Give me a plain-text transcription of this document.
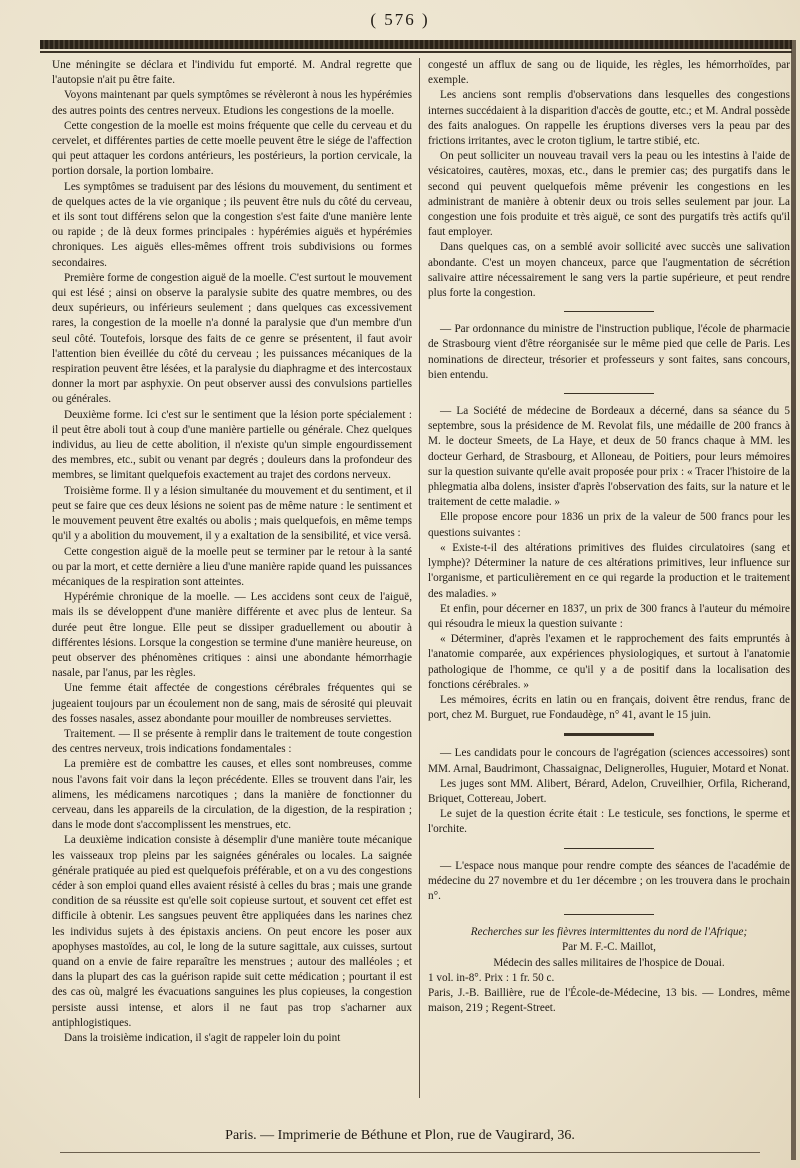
( 576 )

Une méningite se déclara et l'individu fut emporté. M. Andral regrette que l'autopsie n'ait pu être faite.

Voyons maintenant par quels symptômes se révèleront à nous les hypérémies des autres points des centres nerveux. Etudions les congestions de la moelle.

Cette congestion de la moelle est moins fréquente que celle du cerveau et du cervelet, et différentes parties de cette moelle peuvent être le siége de l'affection qui peut attaquer les cordons antérieurs, les postérieurs, la portion cervicale, la portion dorsale, la portion lombaire.

Les symptômes se traduisent par des lésions du mouvement, du sentiment et de quelques actes de la vie organique ; ils peuvent être nuls du côté du cerveau, et ils sont tout différens selon que la congestion s'est faite d'une manière lente ou rapide ; de là deux formes principales : hypérémies aiguës et hypérémies chroniques. Les aiguës elles-mêmes offrent trois subdivisions ou formes secondaires.

Première forme de congestion aiguë de la moelle. C'est surtout le mouvement qui est lésé ; ainsi on observe la paralysie subite des quatre membres, ou des deux supérieurs, ou inférieurs seulement ; dans quelques cas excessivement rares, la congestion de la moelle n'a donné la paralysie que d'un membre d'un seul côté. Toutefois, lorsque des faits de ce genre se présentent, il faut avoir l'attention bien éveillée du côté du cerveau ; les puissances mécaniques de la respiration peuvent être lésées, et la paralysie du diaphragme et des intercostaux donner la mort par asphyxie. On peut observer aussi des convulsions partielles ou générales.

Deuxième forme. Ici c'est sur le sentiment que la lésion porte spécialement : il peut être aboli tout à coup d'une manière partielle ou générale. Chez quelques individus, au lieu de cette abolition, il n'existe qu'un simple engourdissement des membres, etc., subit ou venant par degrés ; douleurs dans la profondeur des membres, se limitant quelquefois exactement au trajet des cordons nerveux.

Troisième forme. Il y a lésion simultanée du mouvement et du sentiment, et il peut se faire que ces deux lésions ne soient pas de même nature : le sentiment et le mouvement peuvent être exaltés ou abolis ; mais quelquefois, en même temps qu'il y a abolition du mouvement, il y a exaltation de la sensibilité, et vice versâ.

Cette congestion aiguë de la moelle peut se terminer par le retour à la santé ou par la mort, et cette dernière a lieu d'une manière rapide quand les puissances mécaniques de la respiration sont atteintes.

Hypérémie chronique de la moelle. — Les accidens sont ceux de l'aiguë, mais ils se développent d'une manière différente et avec plus de lenteur. Sa durée peut être longue. Elle peut se dissiper graduellement ou aboutir à différentes lésions. Lorsque la congestion se termine d'une manière heureuse, on peut observer des phénomènes critiques : ainsi une abondante hémorrhagie nasale, par l'anus, par les règles.

Une femme était affectée de congestions cérébrales fréquentes qui se jugeaient toujours par un écoulement non de sang, mais de sérosité qui pleuvait des fosses nasales, assez abondante pour mouiller de nombreuses serviettes.

Traitement. — Il se présente à remplir dans le traitement de toute congestion des centres nerveux, trois indications fondamentales :

La première est de combattre les causes, et elles sont nombreuses, comme nous l'avons fait voir dans la leçon précédente. Elles se trouvent dans l'air, les alimens, les médicamens narcotiques ; dans la manière de fonctionner du cerveau, dans les appareils de la circulation, de la digestion, de la respiration ; dans le mode dont s'accomplissent les menstrues, etc.

La deuxième indication consiste à désemplir d'une manière toute mécanique les vaisseaux trop pleins par les saignées générales ou locales. La saignée générale pratiquée au pied est quelquefois préférable, et on a vu des congestions céder à son emploi quand elles avaient résisté à celles du bras ; mais une grande condition de sa réussite est qu'elle soit copieuse surtout, et souvent cet effet est difficile à obtenir. Les sangsues peuvent être appliquées dans les narines chez les individus sujets à des épistaxis anciens. On peut encore les poser aux apophyses mastoïdes, au col, le long de la suture sagittale, aux cuisses, surtout quand on a envie de faire reparaître les menstrues ; autour des malléoles ; et dans la plupart des cas la guérison rapide suit cette médication ; pourtant il est des cas où, malgré les évacuations sanguines les plus copieuses, la congestion persiste aussi intense, et alors il ne faut pas trop s'acharner aux antiphlogistiques.

Dans la troisième indication, il s'agit de rappeler loin du point

congesté un afflux de sang ou de liquide, les règles, les hémorrhoïdes, par exemple.

Les anciens sont remplis d'observations dans lesquelles des congestions internes succédaient à la disparition d'accès de goutte, etc.; et M. Andral possède des faits analogues. On rappelle les éruptions diverses vers la peau par des frictions irritantes, avec le croton tiglium, le tartre stibié, etc.

On peut solliciter un nouveau travail vers la peau ou les intestins à l'aide de vésicatoires, cautères, moxas, etc., dans le premier cas; des purgatifs dans le second qui peuvent quelquefois même prévenir les congestions en les administrant de manière à obtenir deux ou trois selles seulement par jour. La congestion une fois produite et très aiguë, ce sont des purgatifs très actifs qu'il faut employer.

Dans quelques cas, on a semblé avoir sollicité avec succès une salivation abondante. C'est un moyen chanceux, parce que l'augmentation de sécrétion salivaire attire nécessairement le sang vers la partie supérieure, et peut rendre plus forte la congestion.

— Par ordonnance du ministre de l'instruction publique, l'école de pharmacie de Strasbourg vient d'être réorganisée sur le même pied que celle de Paris. Les nominations de directeur, trésorier et professeurs y sont faites, sans concours, bien entendu.

— La Société de médecine de Bordeaux a décerné, dans sa séance du 5 septembre, sous la présidence de M. Revolat fils, une médaille de 200 francs à M. le docteur Smeets, de La Haye, et deux de 50 francs chaque à MM. les docteur Gerhard, de Strasbourg, et Alloneau, de Poitiers, pour leurs mémoires sur la question suivante qu'elle avait proposée pour prix : « Tracer l'histoire de la phlegmatia alba dolens, insister d'après l'observation des faits, sur la nature et le traitement de cette maladie. »

Elle propose encore pour 1836 un prix de la valeur de 500 francs pour les questions suivantes :

« Existe-t-il des altérations primitives des fluides circulatoires (sang et lymphe)? Déterminer la nature de ces altérations primitives, leur influence sur l'organisme, et particulièrement en ce qui regarde la production et le traitement des maladies. »

Et enfin, pour décerner en 1837, un prix de 300 francs à l'auteur du mémoire qui résoudra le mieux la question suivante :

« Déterminer, d'après l'examen et le rapprochement des faits empruntés à l'anatomie comparée, aux expériences physiologiques, et surtout à l'anatomie pathologique de l'homme, ce qu'il y a de positif dans la localisation des fonctions cérébrales. »

Les mémoires, écrits en latin ou en français, doivent être rendus, franc de port, chez M. Burguet, rue Fondaudège, n° 41, avant le 15 juin.

— Les candidats pour le concours de l'agrégation (sciences accessoires) sont MM. Arnal, Baudrimont, Chassaignac, Delignerolles, Huguier, Motard et Nonat.

Les juges sont MM. Alibert, Bérard, Adelon, Cruveilhier, Orfila, Richerand, Briquet, Cottereau, Jobert.

Le sujet de la question écrite était : Le testicule, ses fonctions, le sperme et l'orchite.

— L'espace nous manque pour rendre compte des séances de l'académie de médecine du 27 novembre et du 1er décembre ; on les trouvera dans le prochain n°.

Recherches sur les fièvres intermittentes du nord de l'Afrique;

Par M. F.-C. Maillot,

Médecin des salles militaires de l'hospice de Douai.

1 vol. in-8°. Prix : 1 fr. 50 c.

Paris, J.-B. Baillière, rue de l'École-de-Médecine, 13 bis. — Londres, même maison, 219 ; Regent-Street.

Paris. — Imprimerie de Béthune et Plon, rue de Vaugirard, 36.
